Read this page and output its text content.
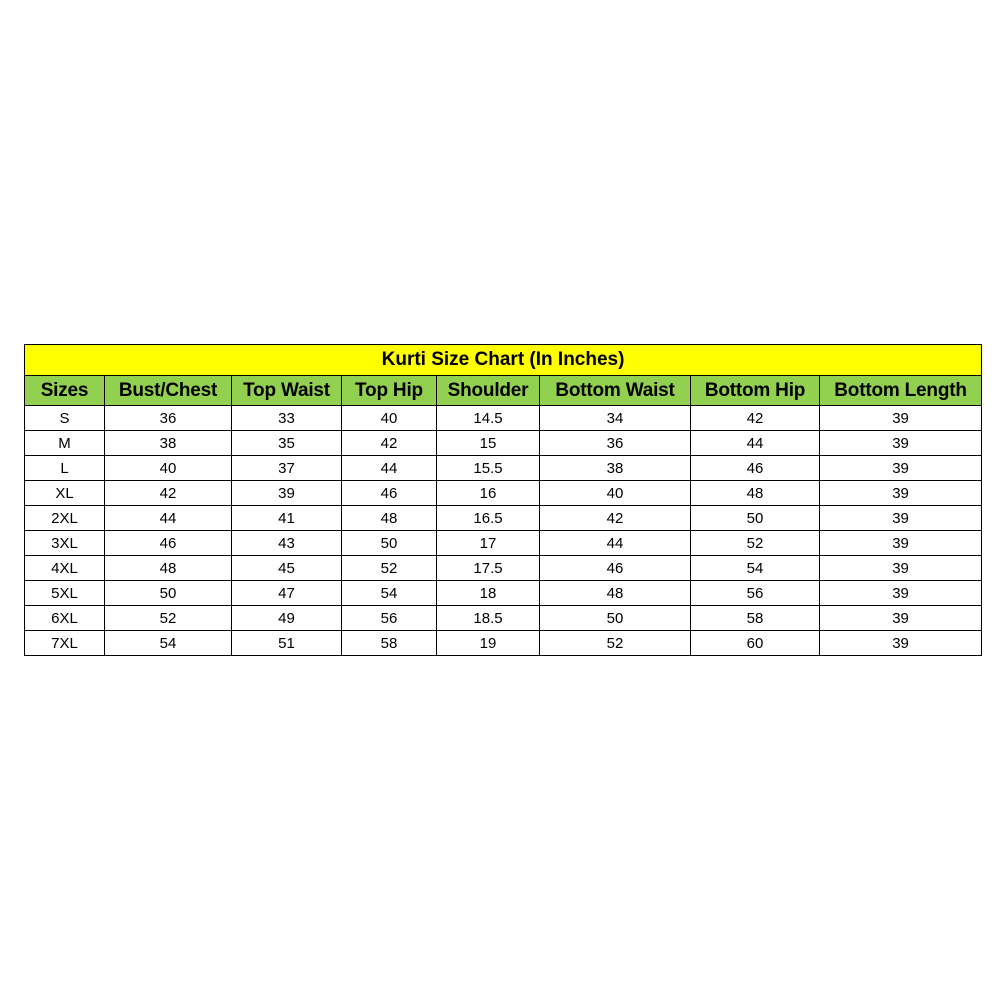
Kurti Size Chart (In Inches)							
Sizes	Bust/Chest	Top Waist	Top Hip	Shoulder	Bottom Waist	Bottom Hip	Bottom Length
S	36	33	40	14.5	34	42	39
M	38	35	42	15	36	44	39
L	40	37	44	15.5	38	46	39
XL	42	39	46	16	40	48	39
2XL	44	41	48	16.5	42	50	39
3XL	46	43	50	17	44	52	39
4XL	48	45	52	17.5	46	54	39
5XL	50	47	54	18	48	56	39
6XL	52	49	56	18.5	50	58	39
7XL	54	51	58	19	52	60	39
